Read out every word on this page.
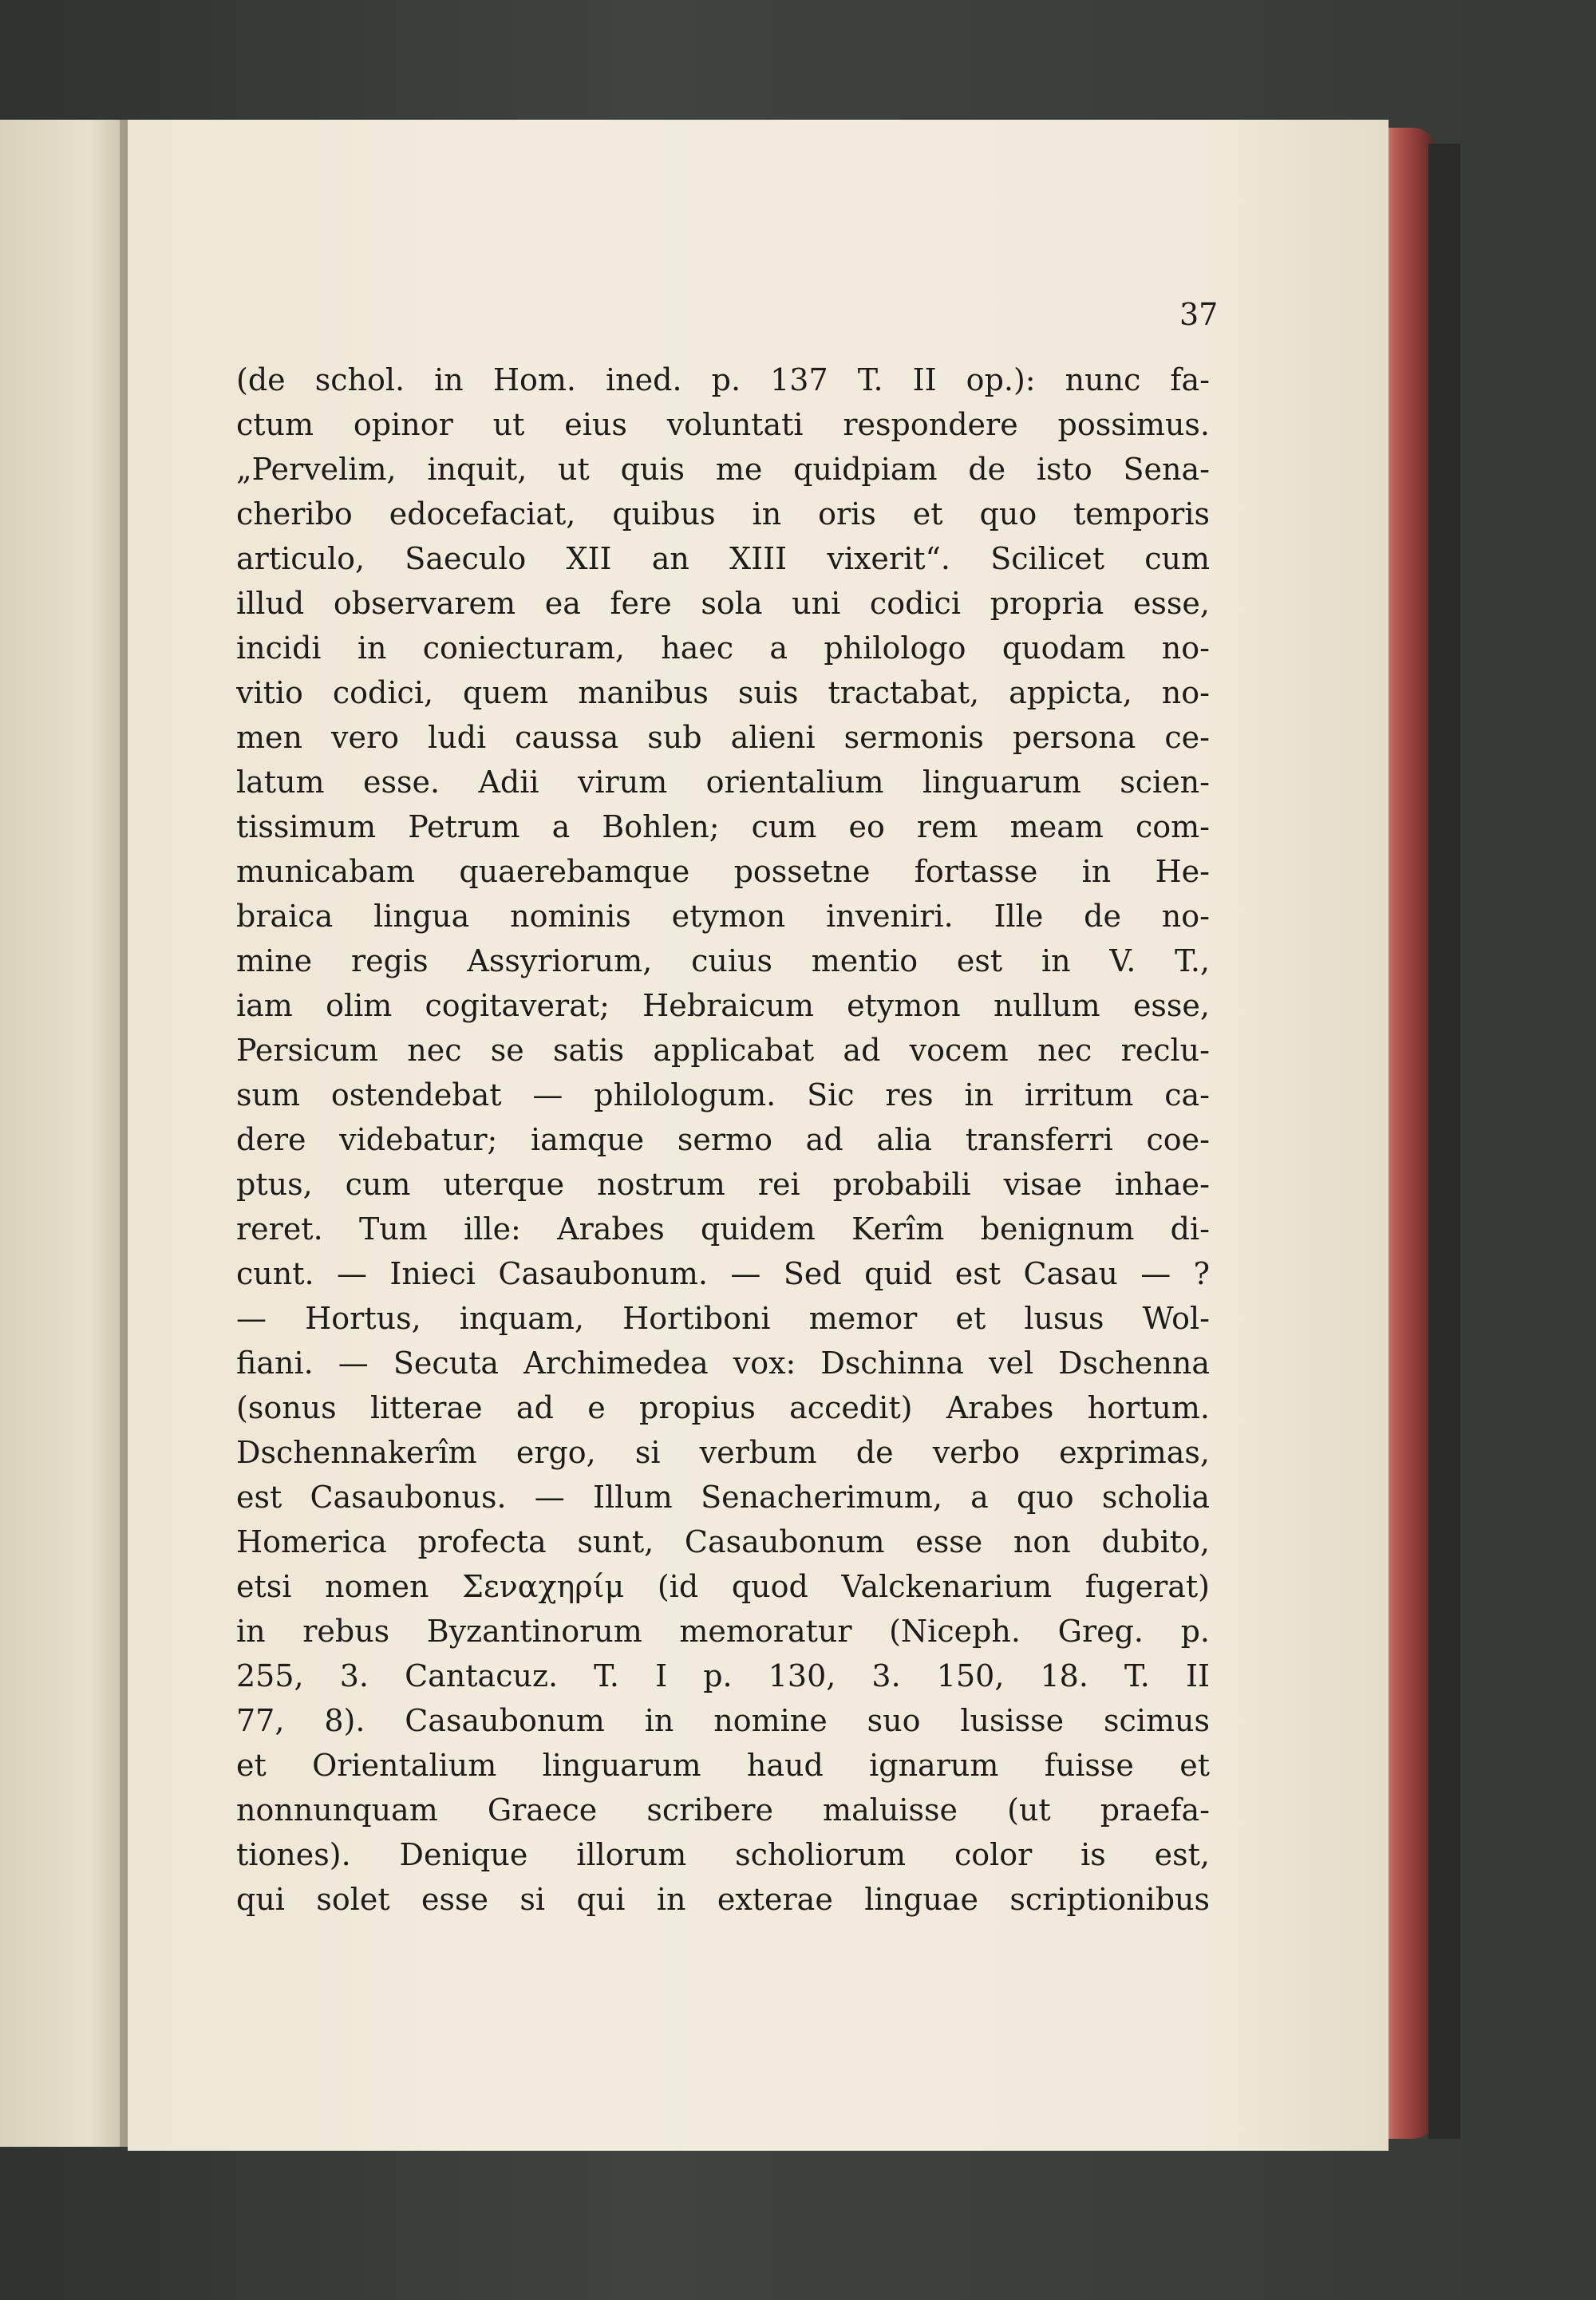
37
(de schol. in Hom. ined. p. 137 T. II op.): nunc fa-
ctum opinor ut eius voluntati respondere possimus.
„Pervelim, inquit, ut quis me quidpiam de isto Sena-
cheribo edocefaciat, quibus in oris et quo temporis
articulo, Saeculo XII an XIII vixerit“. Scilicet cum
illud observarem ea fere sola uni codici propria esse,
incidi in coniecturam, haec a philologo quodam no-
vitio codici, quem manibus suis tractabat, appicta, no-
men vero ludi caussa sub alieni sermonis persona ce-
latum esse. Adii virum orientalium linguarum scien-
tissimum Petrum a Bohlen; cum eo rem meam com-
municabam quaerebamque possetne fortasse in He-
braica lingua nominis etymon inveniri. Ille de no-
mine regis Assyriorum, cuius mentio est in V. T.,
iam olim cogitaverat; Hebraicum etymon nullum esse,
Persicum nec se satis applicabat ad vocem nec reclu-
sum ostendebat — philologum. Sic res in irritum ca-
dere videbatur; iamque sermo ad alia transferri coe-
ptus, cum uterque nostrum rei probabili visae inhae-
reret. Tum ille: Arabes quidem Kerîm benignum di-
cunt. — Inieci Casaubonum. — Sed quid est Casau — ?
— Hortus, inquam, Hortiboni memor et lusus Wol-
fiani. — Secuta Archimedea vox: Dschinna vel Dschenna
(sonus litterae ad e propius accedit) Arabes hortum.
Dschennakerîm ergo, si verbum de verbo exprimas,
est Casaubonus. — Illum Senacherimum, a quo scholia
Homerica profecta sunt, Casaubonum esse non dubito,
etsi nomen Σεναχηρίμ (id quod Valckenarium fugerat)
in rebus Byzantinorum memoratur (Niceph. Greg. p.
255, 3. Cantacuz. T. I p. 130, 3. 150, 18. T. II
77, 8). Casaubonum in nomine suo lusisse scimus
et Orientalium linguarum haud ignarum fuisse et
nonnunquam Graece scribere maluisse (ut praefa-
tiones). Denique illorum scholiorum color is est,
qui solet esse si qui in exterae linguae scriptionibus
